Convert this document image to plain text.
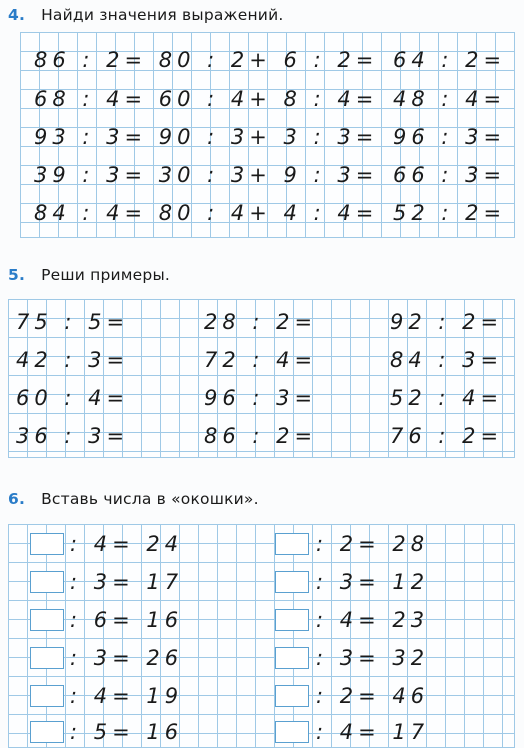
4. Найди значения выражений.
86 : 2= 80 : 2+ 6 : 2=
68 : 4= 60 : 4+ 8 : 4=
93 : 3= 90 : 3+ 3 : 3=
39 : 3= 30 : 3+ 9 : 3=
84 : 4= 80 : 4+ 4 : 4=
64 : 2=
48 : 4=
96 : 3=
66 : 3=
52 : 2=
5. Реши примеры.
75 : 5=
42 : 3=
60 : 4=
36 : 3=
28 : 2=
72 : 4=
96 : 3=
86 : 2=
92 : 2=
84 : 3=
52 : 4=
76 : 2=
6. Вставь числа в «окошки».
: 4= 24
: 3= 17
: 6= 16
: 3= 26
: 4= 19
: 5= 16
: 2= 28
: 3= 12
: 4= 23
: 3= 32
: 2= 46
: 4= 17
